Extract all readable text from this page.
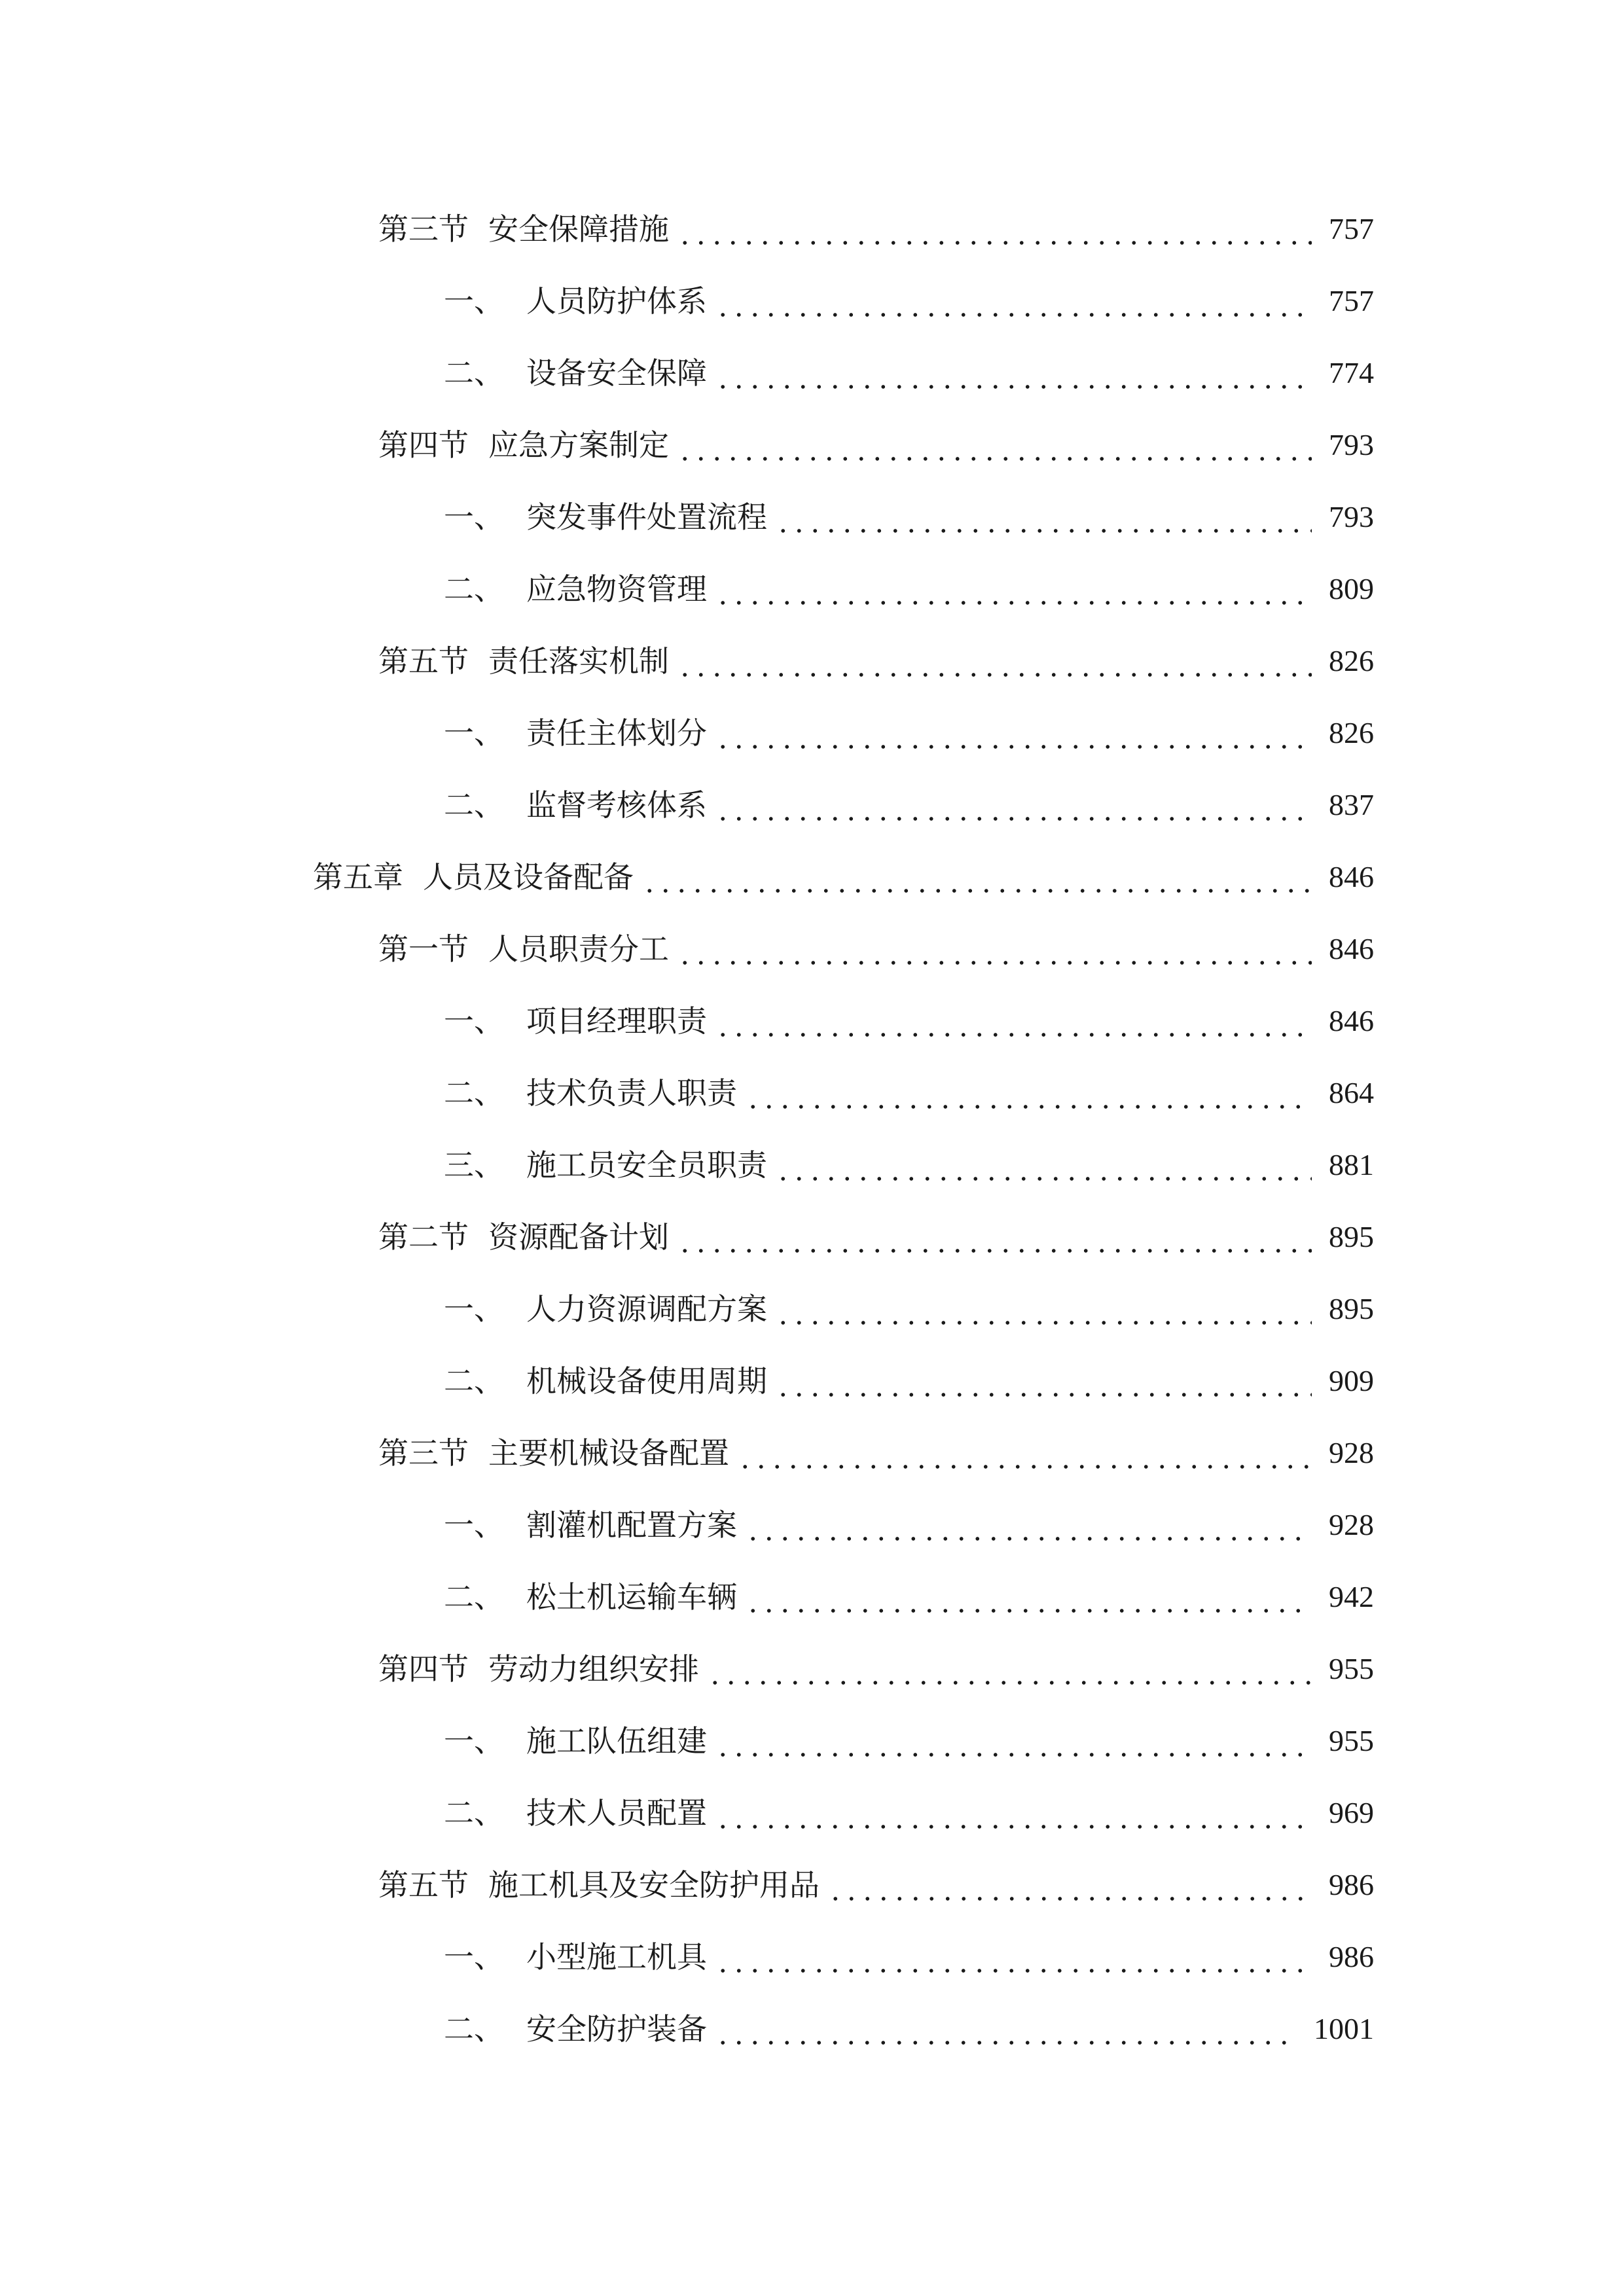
第三节 安全保障措施	757
一、 人员防护体系	757
二、 设备安全保障	774
第四节 应急方案制定	793
一、 突发事件处置流程	793
二、 应急物资管理	809
第五节 责任落实机制	826
一、 责任主体划分	826
二、 监督考核体系	837
第五章 人员及设备配备	846
第一节 人员职责分工	846
一、 项目经理职责	846
二、 技术负责人职责	864
三、 施工员安全员职责	881
第二节 资源配备计划	895
一、 人力资源调配方案	895
二、 机械设备使用周期	909
第三节 主要机械设备配置	928
一、 割灌机配置方案	928
二、 松土机运输车辆	942
第四节 劳动力组织安排	955
一、 施工队伍组建	955
二、 技术人员配置	969
第五节 施工机具及安全防护用品	986
一、 小型施工机具	986
二、 安全防护装备	1001
